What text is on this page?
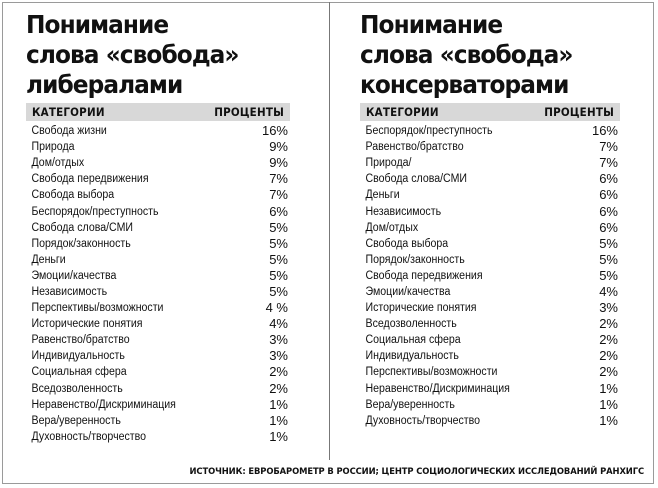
Понимание
слова «свобода»
либералами
КАТЕГОРИИ	ПРОЦЕНТЫ
Свобода жизни	16%
Природа	9%
Дом/отдых	9%
Свобода передвижения	7%
Свобода выбора	7%
Беспорядок/преступность	6%
Свобода слова/СМИ	5%
Порядок/законность	5%
Деньги	5%
Эмоции/качества	5%
Независимость	5%
Перспективы/возможности	4 %
Исторические понятия	4%
Равенство/братство	3%
Индивидуальность	3%
Социальная сфера	2%
Вседозволенность	2%
Неравенство/Дискриминация	1%
Вера/уверенность	1%
Духовность/творчество	1%
Понимание
слова «свобода»
консерваторами
КАТЕГОРИИ	ПРОЦЕНТЫ
Беспорядок/преступность	16%
Равенство/братство	7%
Природа/	7%
Свобода слова/СМИ	6%
Деньги	6%
Независимость	6%
Дом/отдых	6%
Свобода выбора	5%
Порядок/законность	5%
Свобода передвижения	5%
Эмоции/качества	4%
Исторические понятия	3%
Вседозволенность	2%
Социальная сфера	2%
Индивидуальность	2%
Перспективы/возможности	2%
Неравенство/Дискриминация	1%
Вера/уверенность	1%
Духовность/творчество	1%
ИСТОЧНИК: ЕВРОБАРОМЕТР В РОССИИ; ЦЕНТР СОЦИОЛОГИЧЕСКИХ ИССЛЕДОВАНИЙ РАНХИГС
